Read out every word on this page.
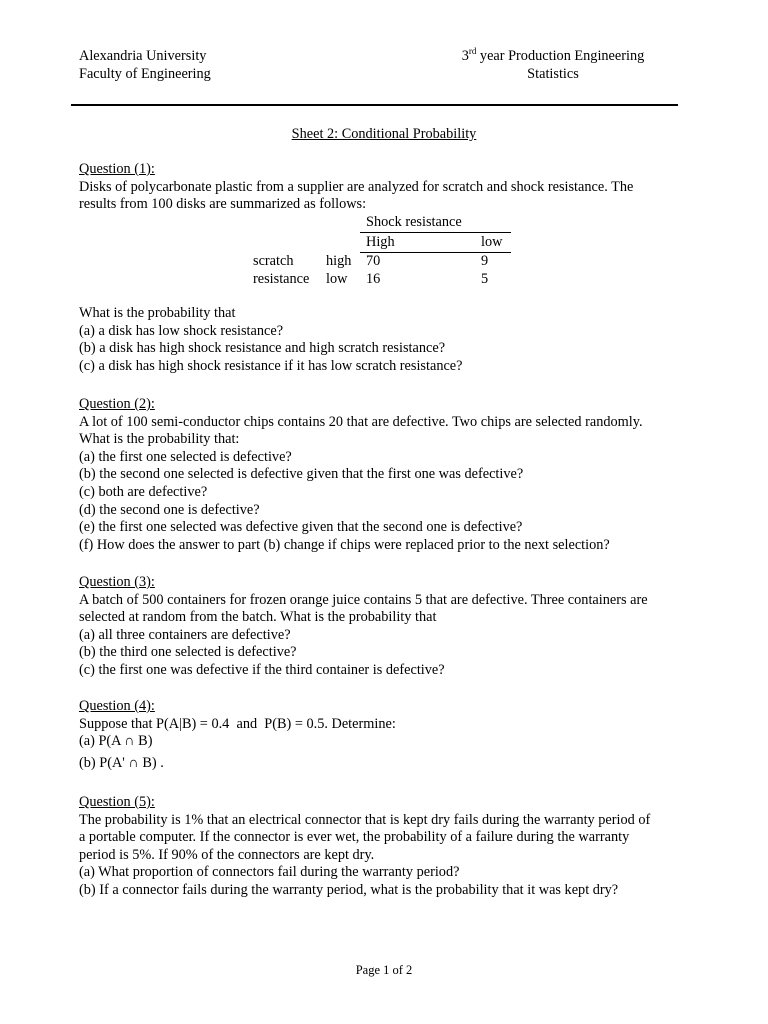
Alexandria University
Faculty of Engineering
3rd year Production Engineering
Statistics
Sheet 2: Conditional Probability
Question (1):
Disks of polycarbonate plastic from a supplier are analyzed for scratch and shock resistance. The
results from 100 disks are summarized as follows:
Shock resistance
High	low
scratch high 70	9
resistance low 16	5
What is the probability that
(a) a disk has low shock resistance?
(b) a disk has high shock resistance and high scratch resistance?
(c) a disk has high shock resistance if it has low scratch resistance?
Question (2):
A lot of 100 semi-conductor chips contains 20 that are defective. Two chips are selected randomly.
What is the probability that:
(a) the first one selected is defective?
(b) the second one selected is defective given that the first one was defective?
(c) both are defective?
(d) the second one is defective?
(e) the first one selected was defective given that the second one is defective?
(f) How does the answer to part (b) change if chips were replaced prior to the next selection?
Question (3):
A batch of 500 containers for frozen orange juice contains 5 that are defective. Three containers are
selected at random from the batch. What is the probability that
(a) all three containers are defective?
(b) the third one selected is defective?
(c) the first one was defective if the third container is defective?
Question (4):
Suppose that P(A|B) = 0.4  and  P(B) = 0.5. Determine:
(a) P(A ∩ B)
(b) P(A' ∩ B) .
Question (5):
The probability is 1% that an electrical connector that is kept dry fails during the warranty period of
a portable computer. If the connector is ever wet, the probability of a failure during the warranty
period is 5%. If 90% of the connectors are kept dry.
(a) What proportion of connectors fail during the warranty period?
(b) If a connector fails during the warranty period, what is the probability that it was kept dry?
Page 1 of 2
